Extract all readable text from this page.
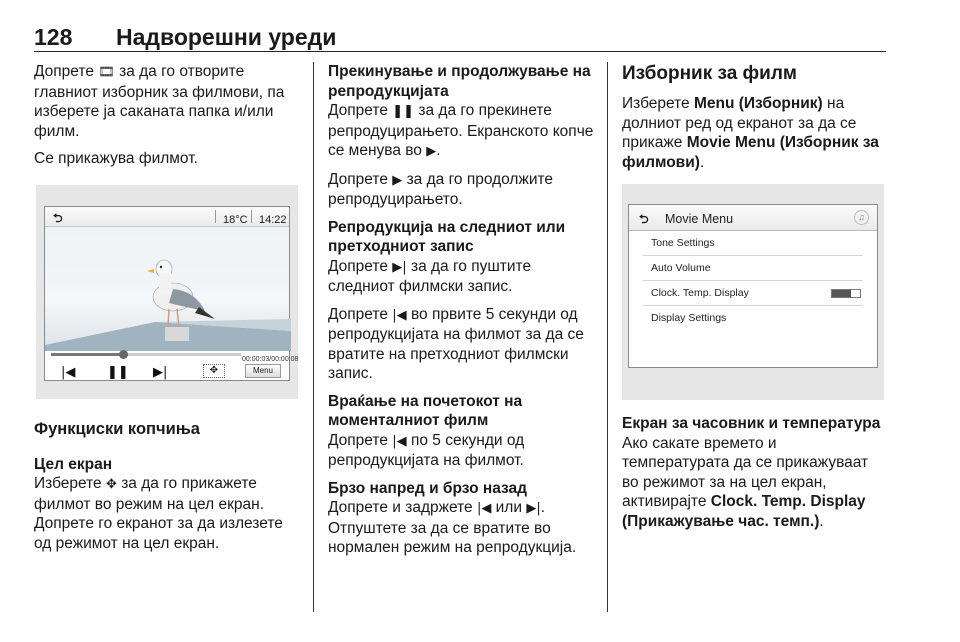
128 Надворешни уреди

Допрете 🎞 за да го отворите главниот изборник за филмови, па изберете ја саканата папка и/или филм.

Се прикажува филмот.

⮌	18°C 14:22
00:00:03/00:00:08
|◀ ❚❚ ▶|	✥	Menu
Функциски копчиња
Цел екран

Изберете ✥ за да го прикажете филмот во режим на цел екран. Допрете го екранот за да излезете од режимот на цел екран.

Прекинување и продолжување на репродукцијата

Допрете ❚❚ за да го прекинете репродуцирањето. Екранското копче се менува во ▶.

Допрете ▶ за да го продолжите репродуцирањето.

Репродукција на следниот или претходниот запис

Допрете ▶| за да го пуштите следниот филмски запис.

Допрете |◀ во првите 5 секунди од репродукцијата на филмот за да се вратите на претходниот филмски запис.

Враќање на почетокот на моменталниот филм

Допрете |◀ по 5 секунди од репродукцијата на филмот.

Брзо напред и брзо назад

Допрете и задржете |◀ или ▶|.

Отпуштете за да се вратите во нормален режим на репродукција.

Изборник за филм

Изберете Menu (Изборник) на долниот ред од екранот за да се прикаже Movie Menu (Изборник за филмови).

⮌ Movie Menu	♫
Tone Settings
Auto Volume
Clock. Temp. Display
Display Settings
Екран за часовник и температура

Ако сакате времето и температурата да се прикажуваат во режимот за на цел екран, активирајте Clock. Temp. Display (Прикажување час. темп.).
